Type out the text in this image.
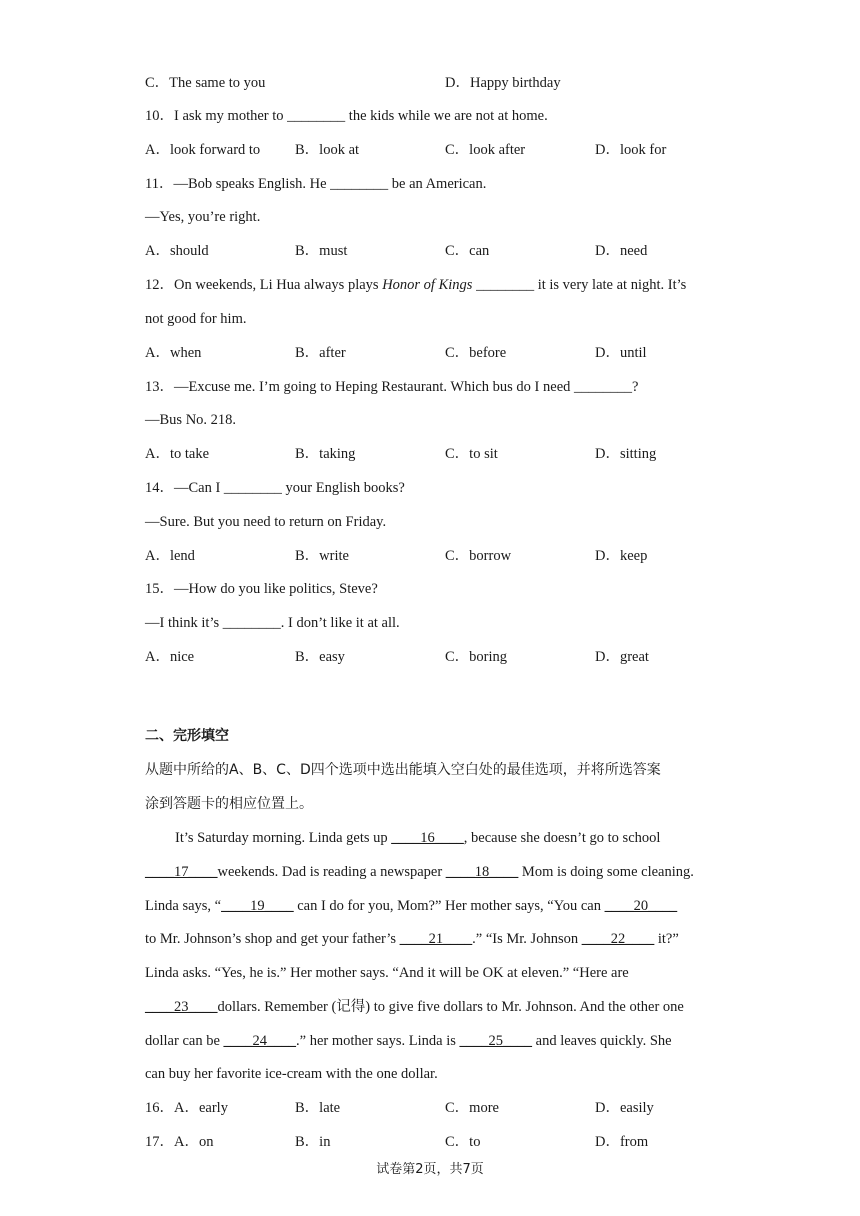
C．The same to you	D．Happy birthday
10．I ask my mother to ________ the kids while we are not at home.
A．look forward to B．look at	C．look after	D．look for
11．—Bob speaks English. He ________ be an American.
—Yes, you’re right.
A．should	B．must	C．can	D．need
12．On weekends, Li Hua always plays Honor of Kings ________ it is very late at night. It’s
not good for him.
A．when	B．after	C．before	D．until
13．—Excuse me. I’m going to Heping Restaurant. Which bus do I need ________?
—Bus No. 218.
A．to take	B．taking	C．to sit	D．sitting
14．—Can I ________ your English books?
—Sure. But you need to return on Friday.
A．lend	B．write	C．borrow	D．keep
15．—How do you like politics, Steve?
—I think it’s ________. I don’t like it at all.
A．nice	B．easy	C．boring	D．great
二、完形填空
从题中所给的A、B、C、D四个选项中选出能填入空白处的最佳选项，并将所选答案
涂到答题卡的相应位置上。
It’s Saturday morning. Linda gets up ____16____, because she doesn’t go to school
____17____weekends. Dad is reading a newspaper ____18____ Mom is doing some cleaning.
Linda says, “____19____ can I do for you, Mom?” Her mother says, “You can ____20____
to Mr. Johnson’s shop and get your father’s ____21____.” “Is Mr. Johnson ____22____ it?”
Linda asks. “Yes, he is.” Her mother says. “And it will be OK at eleven.” “Here are
____23____dollars. Remember (记得) to give five dollars to Mr. Johnson. And the other one
dollar can be ____24____.” her mother says. Linda is ____25____ and leaves quickly. She
can buy her favorite ice-cream with the one dollar.
16．A．early	B．late	C．more	D．easily
17．A．on	B．in	C．to	D．from
试卷第2页，共7页
